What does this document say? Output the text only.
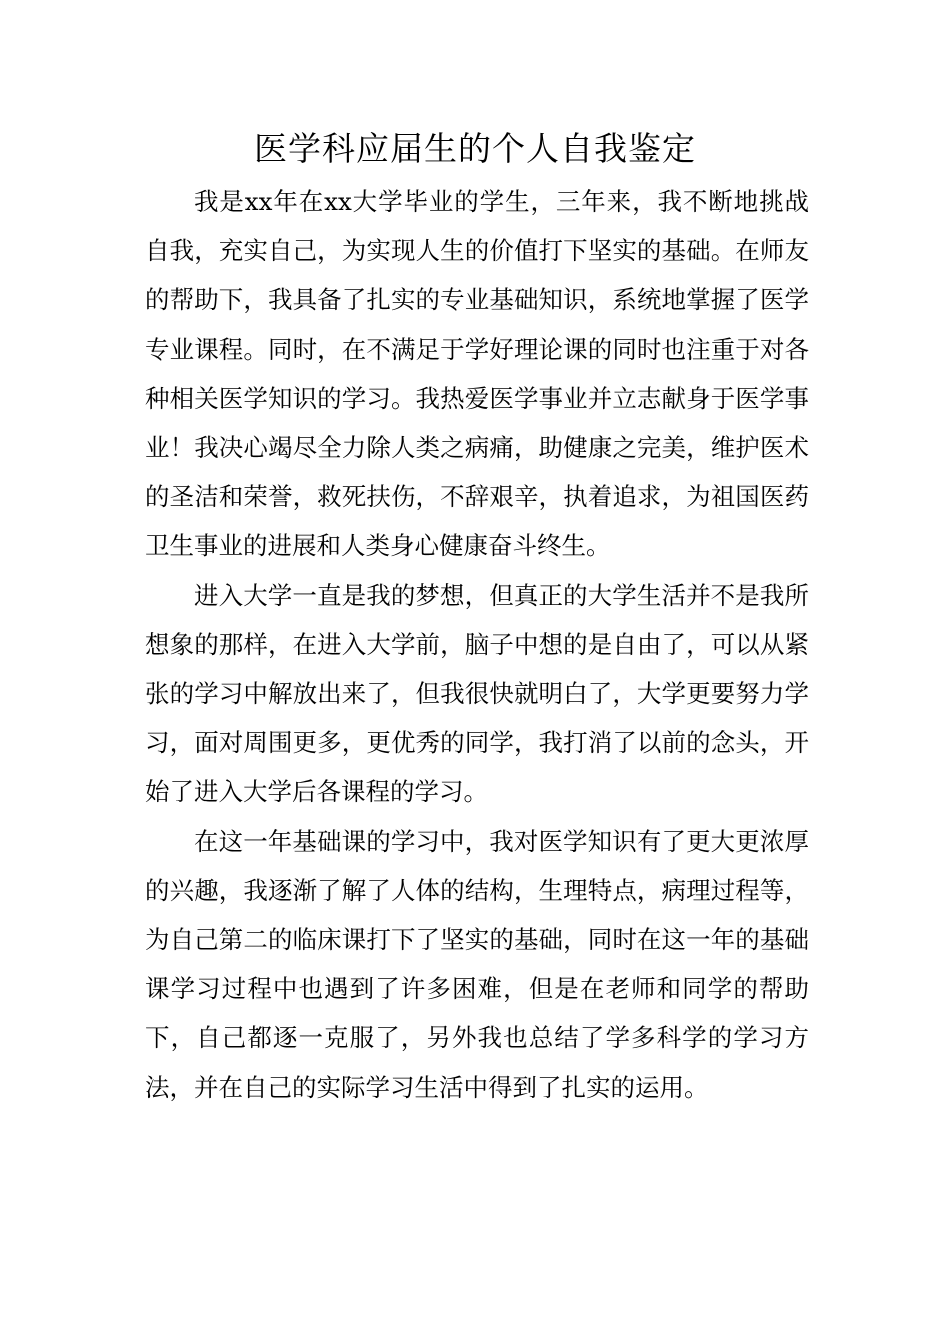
医学科应届生的个人自我鉴定

我是xx年在xx大学毕业的学生，三年来，我不断地挑战自我，充实自己，为实现人生的价值打下坚实的基础。在师友的帮助下，我具备了扎实的专业基础知识，系统地掌握了医学专业课程。同时，在不满足于学好理论课的同时也注重于对各种相关医学知识的学习。我热爱医学事业并立志献身于医学事业！我决心竭尽全力除人类之病痛，助健康之完美，维护医术的圣洁和荣誉，救死扶伤，不辞艰辛，执着追求，为祖国医药卫生事业的进展和人类身心健康奋斗终生。

进入大学一直是我的梦想，但真正的大学生活并不是我所想象的那样，在进入大学前，脑子中想的是自由了，可以从紧张的学习中解放出来了，但我很快就明白了，大学更要努力学习，面对周围更多，更优秀的同学，我打消了以前的念头，开始了进入大学后各课程的学习。

在这一年基础课的学习中，我对医学知识有了更大更浓厚的兴趣，我逐渐了解了人体的结构，生理特点，病理过程等，为自己第二的临床课打下了坚实的基础，同时在这一年的基础课学习过程中也遇到了许多困难，但是在老师和同学的帮助下，自己都逐一克服了，另外我也总结了学多科学的学习方法，并在自己的实际学习生活中得到了扎实的运用。
